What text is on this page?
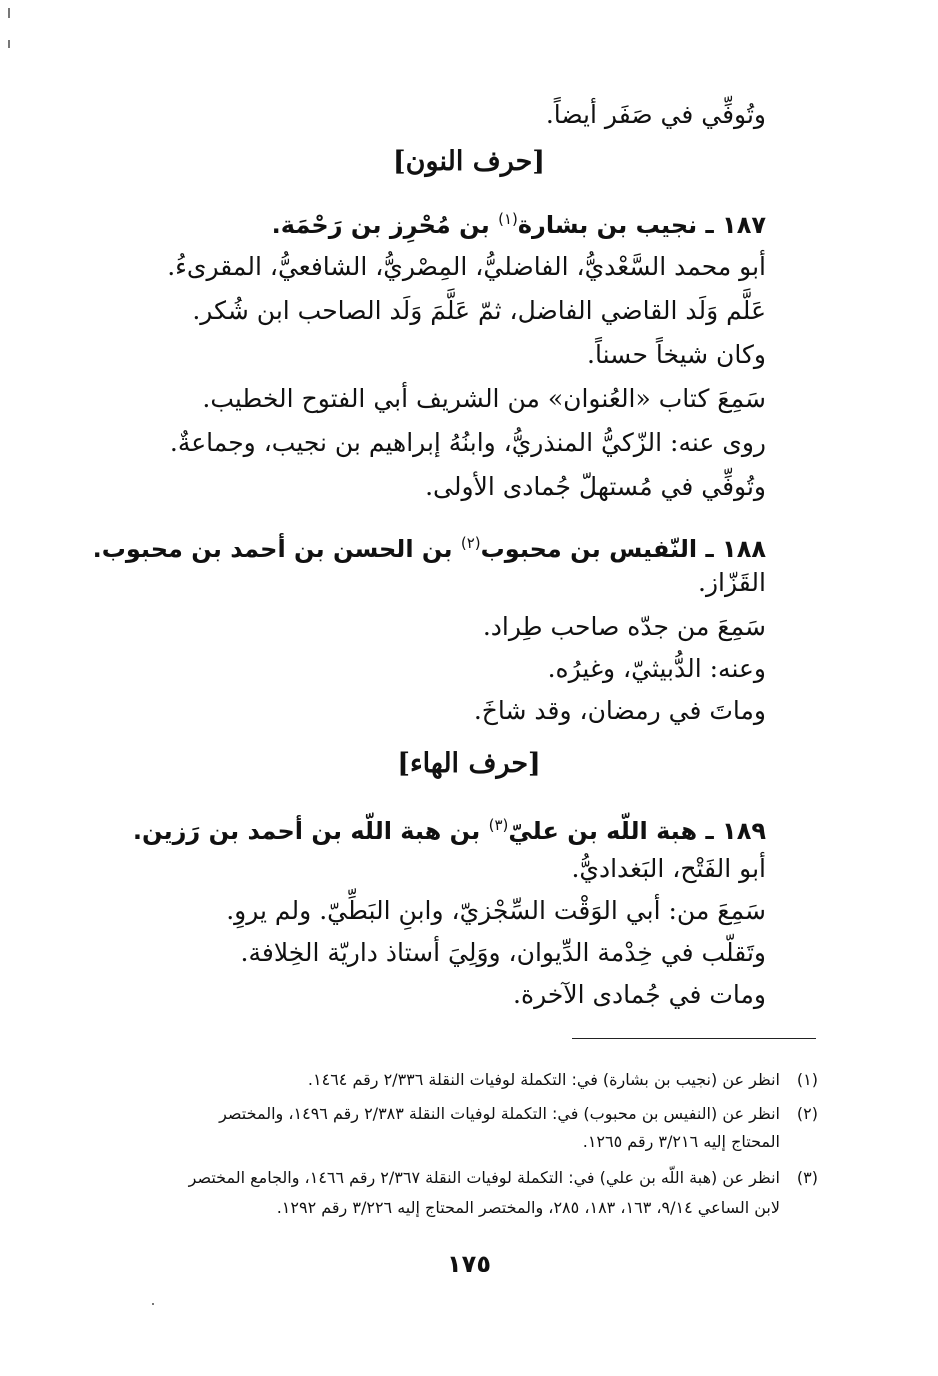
وتُوفِّي في صَفَر أيضاً.
[حرف النون]
١٨٧ ـ نجيب بن بشارة$^{(١)}$ بن مُحْرِز بن رَحْمَة.
أبو محمد السَّعْديُّ، الفاضليُّ، المِصْريُّ، الشافعيُّ، المقرىءُ.
عَلَّم وَلَد القاضي الفاضل، ثمّ عَلَّمَ وَلَد الصاحب ابن شُكر.
وكان شيخاً حسناً.
سَمِعَ كتاب «العُنوان» من الشريف أبي الفتوح الخطيب.
روى عنه: الزّكيُّ المنذريُّ، وابنُهُ إبراهيم بن نجيب، وجماعةٌ.
وتُوفِّي في مُستهلّ جُمادى الأولى.
١٨٨ ـ النّفيس بن محبوب$^{(٢)}$ بن الحسن بن أحمد بن محبوب.
القَزّاز.
سَمِعَ من جدّه صاحب طِراد.
وعنه: الدُّبيثيّ، وغيرُه.
وماتَ في رمضان، وقد شاخَ.
[حرف الهاء]
١٨٩ ـ هبة اللّه بن عليّ$^{(٣)}$ بن هبة اللّه بن أحمد بن رَزين.
أبو الفَتْح، البَغداديُّ.
سَمِعَ من: أبي الوَقْت السِّجْزيّ، وابنِ البَطِّيّ. ولم يروِ.
وتَقلّب في خِدْمة الدِّيوان، ووَلِيَ أستاذ داريّة الخِلافة.
ومات في جُمادى الآخرة.
(١)
انظر عن (نجيب بن بشارة) في: التكملة لوفيات النقلة ٢/٣٣٦ رقم ١٤٦٤.
(٢)
انظر عن (النفيس بن محبوب) في: التكملة لوفيات النقلة ٢/٣٨٣ رقم ١٤٩٦، والمختصر
المحتاج إليه ٣/٢١٦ رقم ١٢٦٥.
(٣)
انظر عن (هبة اللّه بن علي) في: التكملة لوفيات النقلة ٢/٣٦٧ رقم ١٤٦٦، والجامع المختصر
لابن الساعي ٩/١٤، ١٦٣، ١٨٣، ٢٨٥، والمختصر المحتاج إليه ٣/٢٢٦ رقم ١٢٩٢.
١٧٥
